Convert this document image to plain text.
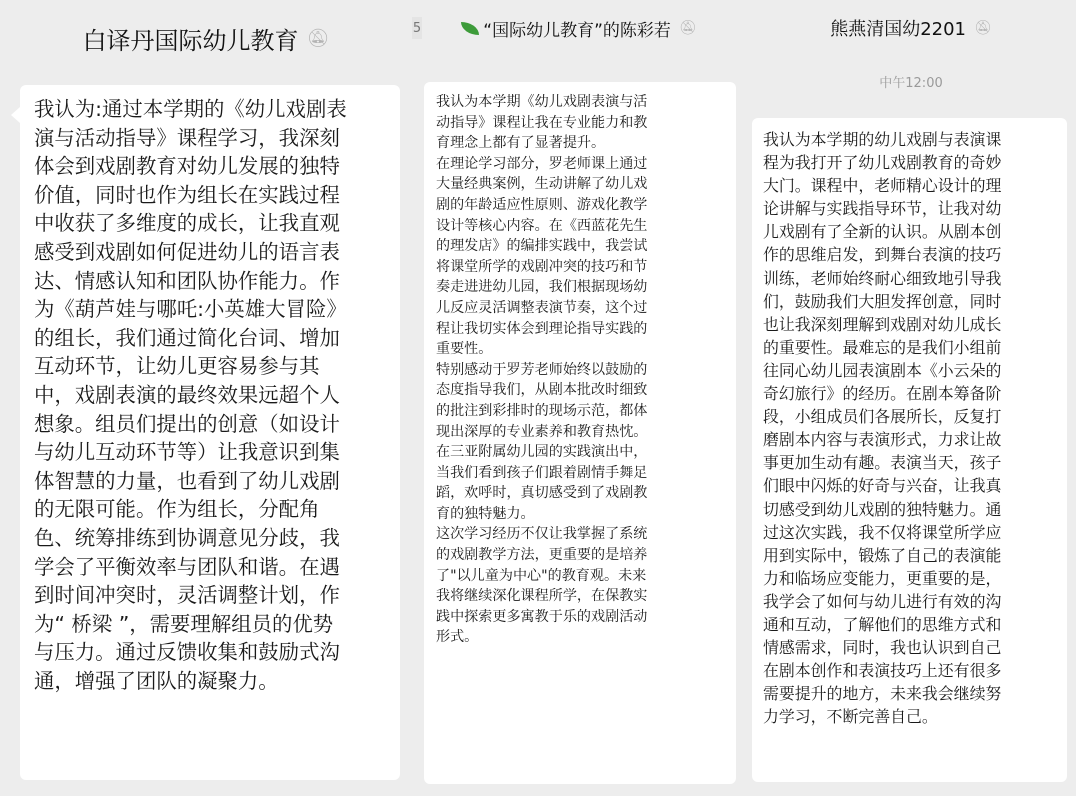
白译丹国际幼儿教育 🔕︎
我认为:通过本学期的《幼儿戏剧表
演与活动指导》课程学习，我深刻
体会到戏剧教育对幼儿发展的独特
价值，同时也作为组长在实践过程
中收获了多维度的成长，让我直观
感受到戏剧如何促进幼儿的语言表
达、情感认知和团队协作能力。作
为《葫芦娃与哪吒:小英雄大冒险》
的组长，我们通过简化台词、增加
互动环节，让幼儿更容易参与其
中，戏剧表演的最终效果远超个人
想象。组员们提出的创意（如设计
与幼儿互动环节等）让我意识到集
体智慧的力量，也看到了幼儿戏剧
的无限可能。作为组长，分配角
色、统筹排练到协调意见分歧，我
学会了平衡效率与团队和谐。在遇
到时间冲突时，灵活调整计划，作
为“ 桥梁 ”，需要理解组员的优势
与压力。通过反馈收集和鼓励式沟
通，增强了团队的凝聚力。
5	“国际幼儿教育”的陈彩若 🔕︎
我认为本学期《幼儿戏剧表演与活
动指导》课程让我在专业能力和教
育理念上都有了显著提升。
在理论学习部分，罗老师课上通过
大量经典案例，生动讲解了幼儿戏
剧的年龄适应性原则、游戏化教学
设计等核心内容。在《西蓝花先生
的理发店》的编排实践中，我尝试
将课堂所学的戏剧冲突的技巧和节
奏走进进幼儿园，我们根据现场幼
儿反应灵活调整表演节奏，这个过
程让我切实体会到理论指导实践的
重要性。
特别感动于罗芳老师始终以鼓励的
态度指导我们，从剧本批改时细致
的批注到彩排时的现场示范，都体
现出深厚的专业素养和教育热忱。
在三亚附属幼儿园的实践演出中，
当我们看到孩子们跟着剧情手舞足
蹈，欢呼时，真切感受到了戏剧教
育的独特魅力。
这次学习经历不仅让我掌握了系统
的戏剧教学方法，更重要的是培养
了"以儿童为中心"的教育观。未来
我将继续深化课程所学，在保教实
践中探索更多寓教于乐的戏剧活动
形式。
熊燕清国幼2201 🔕︎
中午12:00
我认为本学期的幼儿戏剧与表演课
程为我打开了幼儿戏剧教育的奇妙
大门。课程中，老师精心设计的理
论讲解与实践指导环节，让我对幼
儿戏剧有了全新的认识。从剧本创
作的思维启发，到舞台表演的技巧
训练，老师始终耐心细致地引导我
们，鼓励我们大胆发挥创意，同时
也让我深刻理解到戏剧对幼儿成长
的重要性。最难忘的是我们小组前
往同心幼儿园表演剧本《小云朵的
奇幻旅行》的经历。在剧本筹备阶
段，小组成员们各展所长，反复打
磨剧本内容与表演形式，力求让故
事更加生动有趣。表演当天，孩子
们眼中闪烁的好奇与兴奋，让我真
切感受到幼儿戏剧的独特魅力。通
过这次实践，我不仅将课堂所学应
用到实际中，锻炼了自己的表演能
力和临场应变能力，更重要的是，
我学会了如何与幼儿进行有效的沟
通和互动，了解他们的思维方式和
情感需求，同时，我也认识到自己
在剧本创作和表演技巧上还有很多
需要提升的地方，未来我会继续努
力学习，不断完善自己。
